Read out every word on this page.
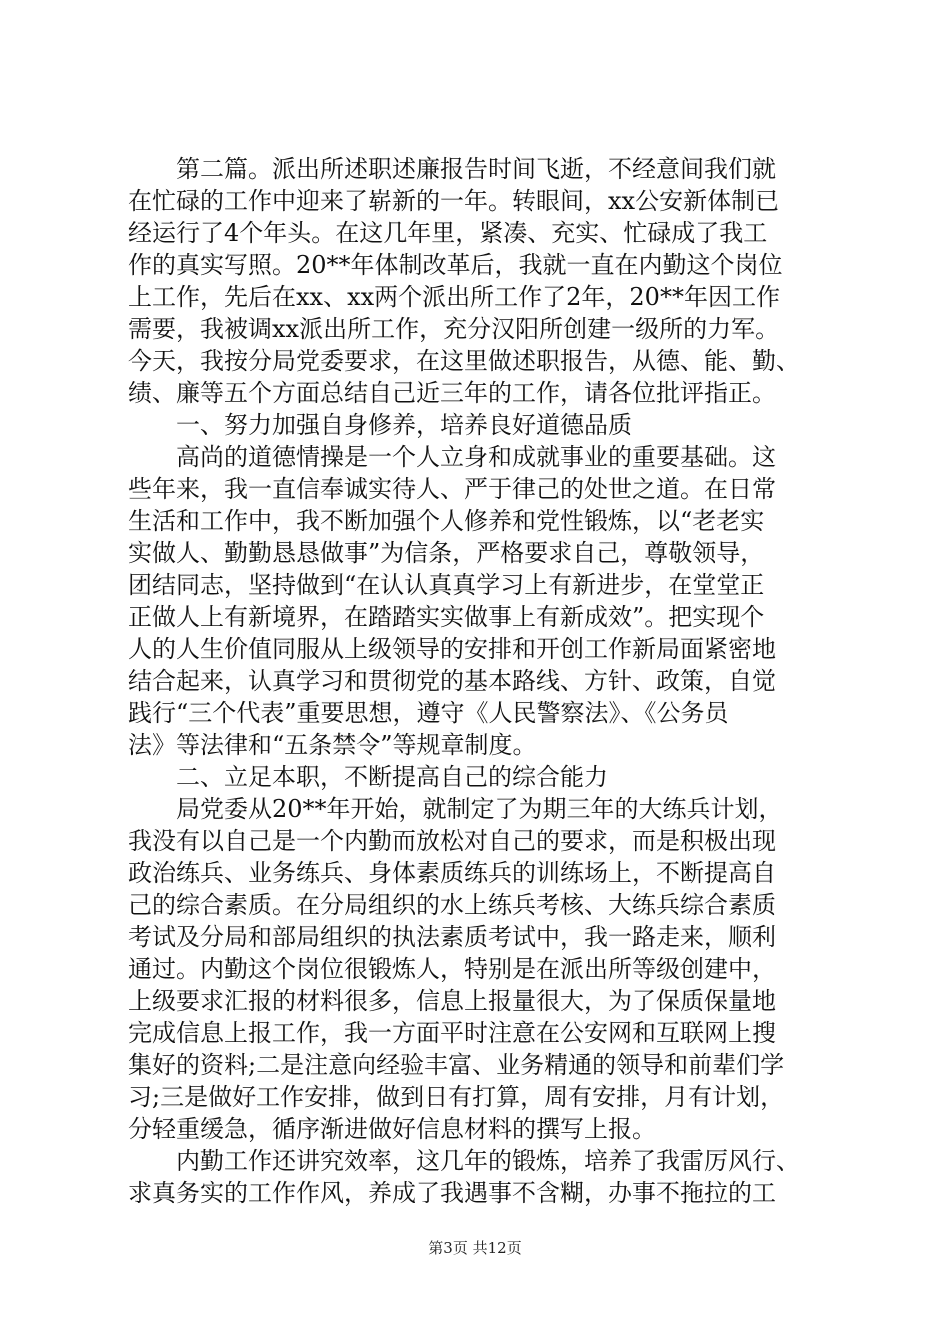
　　第二篇。派出所述职述廉报告时间飞逝，不经意间我们就
在忙碌的工作中迎来了崭新的一年。转眼间，xx公安新体制已
经运行了4个年头。在这几年里，紧凑、充实、忙碌成了我工
作的真实写照。20**年体制改革后，我就一直在内勤这个岗位
上工作，先后在xx、xx两个派出所工作了2年，20**年因工作
需要，我被调xx派出所工作，充分汉阳所创建一级所的力军。
今天，我按分局党委要求，在这里做述职报告，从德、能、勤、
绩、廉等五个方面总结自己近三年的工作，请各位批评指正。
　　一、努力加强自身修养，培养良好道德品质
　　高尚的道德情操是一个人立身和成就事业的重要基础。这
些年来，我一直信奉诚实待人、严于律己的处世之道。在日常
生活和工作中，我不断加强个人修养和党性锻炼，以“老老实
实做人、勤勤恳恳做事”为信条，严格要求自己，尊敬领导，
团结同志，坚持做到“在认认真真学习上有新进步，在堂堂正
正做人上有新境界，在踏踏实实做事上有新成效”。把实现个
人的人生价值同服从上级领导的安排和开创工作新局面紧密地
结合起来，认真学习和贯彻党的基本路线、方针、政策，自觉
践行“三个代表”重要思想，遵守《人民警察法》、《公务员
法》等法律和“五条禁令”等规章制度。
　　二、立足本职，不断提高自己的综合能力
　　局党委从20**年开始，就制定了为期三年的大练兵计划，
我没有以自己是一个内勤而放松对自己的要求，而是积极出现
政治练兵、业务练兵、身体素质练兵的训练场上，不断提高自
己的综合素质。在分局组织的水上练兵考核、大练兵综合素质
考试及分局和部局组织的执法素质考试中，我一路走来，顺利
通过。内勤这个岗位很锻炼人，特别是在派出所等级创建中，
上级要求汇报的材料很多，信息上报量很大，为了保质保量地
完成信息上报工作，我一方面平时注意在公安网和互联网上搜
集好的资料;二是注意向经验丰富、业务精通的领导和前辈们学
习;三是做好工作安排，做到日有打算，周有安排，月有计划，
分轻重缓急，循序渐进做好信息材料的撰写上报。
　　内勤工作还讲究效率，这几年的锻炼，培养了我雷厉风行、
求真务实的工作作风，养成了我遇事不含糊，办事不拖拉的工
第3页 共12页
